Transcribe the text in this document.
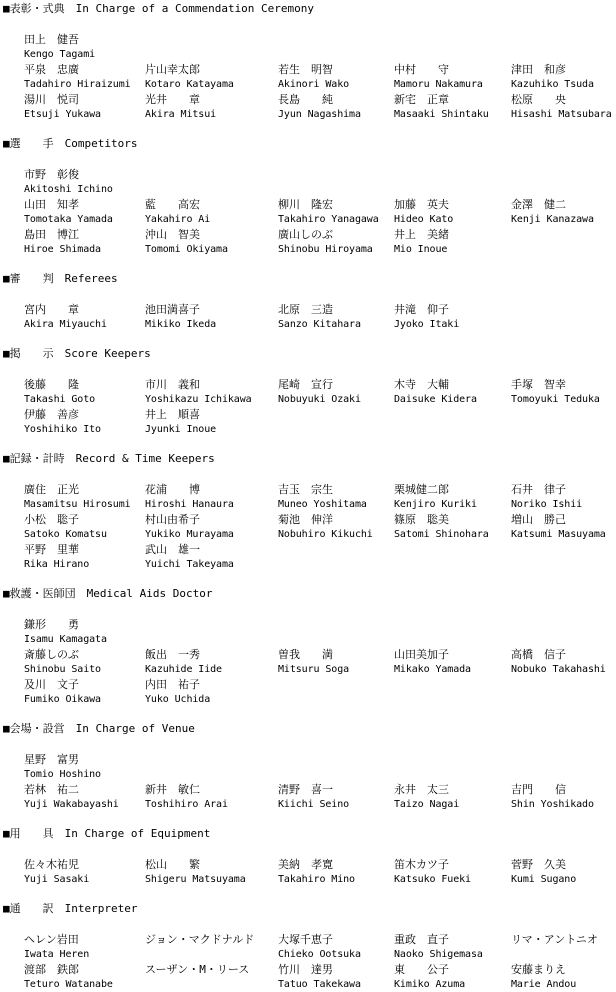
■表彰・式典　In Charge of a Commendation Ceremony
田上　健吾
Kengo Tagami
平泉　忠廣
Tadahiro Hiraizumi
片山幸太郎
Kotaro Katayama
若生　明智
Akinori Wako
中村　　守
Mamoru Nakamura
津田　和彦
Kazuhiko Tsuda
湯川　悦司
Etsuji Yukawa
光井　　章
Akira Mitsui
長島　　純
Jyun Nagashima
新宅　正章
Masaaki Shintaku
松原　　央
Hisashi Matsubara
■選　　手　Competitors
市野　彰俊
Akitoshi Ichino
山田　知孝
Tomotaka Yamada
藍　　高宏
Yakahiro Ai
柳川　隆宏
Takahiro Yanagawa
加藤　英夫
Hideo Kato
金澤　健二
Kenji Kanazawa
島田　博江
Hiroe Shimada
沖山　智美
Tomomi Okiyama
廣山しのぶ
Shinobu Hiroyama
井上　美緒
Mio Inoue
■審　　判　Referees
宮内　　章
Akira Miyauchi
池田満喜子
Mikiko Ikeda
北原　三造
Sanzo Kitahara
井滝　仰子
Jyoko Itaki
■掲　　示　Score Keepers
後藤　　隆
Takashi Goto
市川　義和
Yoshikazu Ichikawa
尾崎　宣行
Nobuyuki Ozaki
木寺　大輔
Daisuke Kidera
手塚　智幸
Tomoyuki Teduka
伊藤　善彦
Yoshihiko Ito
井上　順喜
Jyunki Inoue
■記録・計時　Record & Time Keepers
廣住　正光
Masamitsu Hirosumi
花浦　　博
Hiroshi Hanaura
吉玉　宗生
Muneo Yoshitama
栗城健二郎
Kenjiro Kuriki
石井　律子
Noriko Ishii
小松　聡子
Satoko Komatsu
村山由希子
Yukiko Murayama
菊池　伸洋
Nobuhiro Kikuchi
篠原　聡美
Satomi Shinohara
増山　勝己
Katsumi Masuyama
平野　里華
Rika Hirano
武山　雄一
Yuichi Takeyama
■救護・医師団　Medical Aids Doctor
鎌形　　勇
Isamu Kamagata
斎藤しのぶ
Shinobu Saito
飯出　一秀
Kazuhide Iide
曽我　　満
Mitsuru Soga
山田美加子
Mikako Yamada
高橋　信子
Nobuko Takahashi
及川　文子
Fumiko Oikawa
内田　祐子
Yuko Uchida
■会場・設営　In Charge of Venue
星野　富男
Tomio Hoshino
若林　祐二
Yuji Wakabayashi
新井　敏仁
Toshihiro Arai
清野　喜一
Kiichi Seino
永井　太三
Taizo Nagai
吉門　　信
Shin Yoshikado
■用　　具　In Charge of Equipment
佐々木祐児
Yuji Sasaki
松山　　繁
Shigeru Matsuyama
美納　孝寛
Takahiro Mino
笛木カツ子
Katsuko Fueki
菅野　久美
Kumi Sugano
■通　　訳　Interpreter
ヘレン岩田
Iwata Heren
ジョン・マクドナルド 大塚千恵子
Chieko Ootsuka
重政　直子
Naoko Shigemasa
リマ・アントニオ
渡部　鉄郎
Teturo Watanabe
スーザン・M・リース	竹川　達男
Tatuo Takekawa
東　　公子
Kimiko Azuma
安藤まりえ
Marie Andou
